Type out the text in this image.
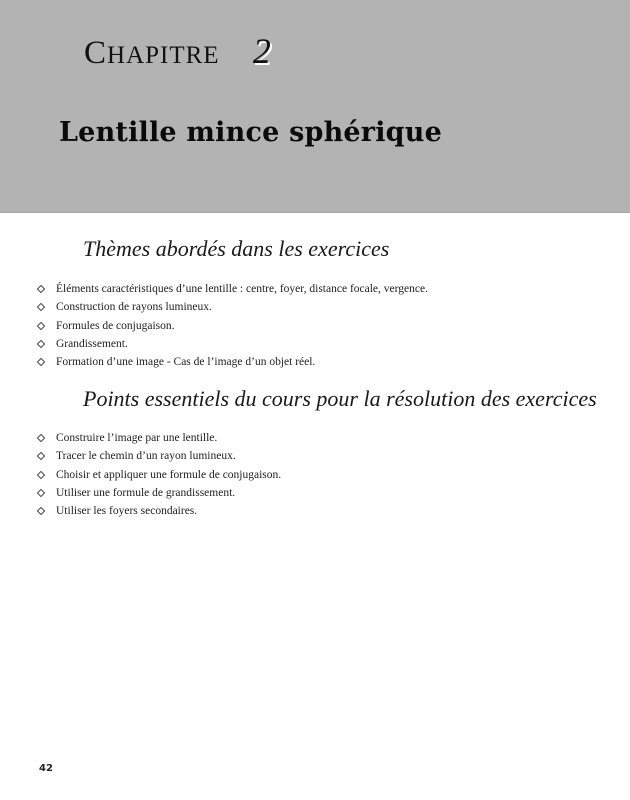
CHAPITRE 2
Lentille mince sphérique
Thèmes abordés dans les exercices
Éléments caractéristiques d’une lentille : centre, foyer, distance focale, vergence.
Construction de rayons lumineux.
Formules de conjugaison.
Grandissement.
Formation d’une image - Cas de l’image d’un objet réel.
Points essentiels du cours pour la résolution des exercices
Construire l’image par une lentille.
Tracer le chemin d’un rayon lumineux.
Choisir et appliquer une formule de conjugaison.
Utiliser une formule de grandissement.
Utiliser les foyers secondaires.
42
